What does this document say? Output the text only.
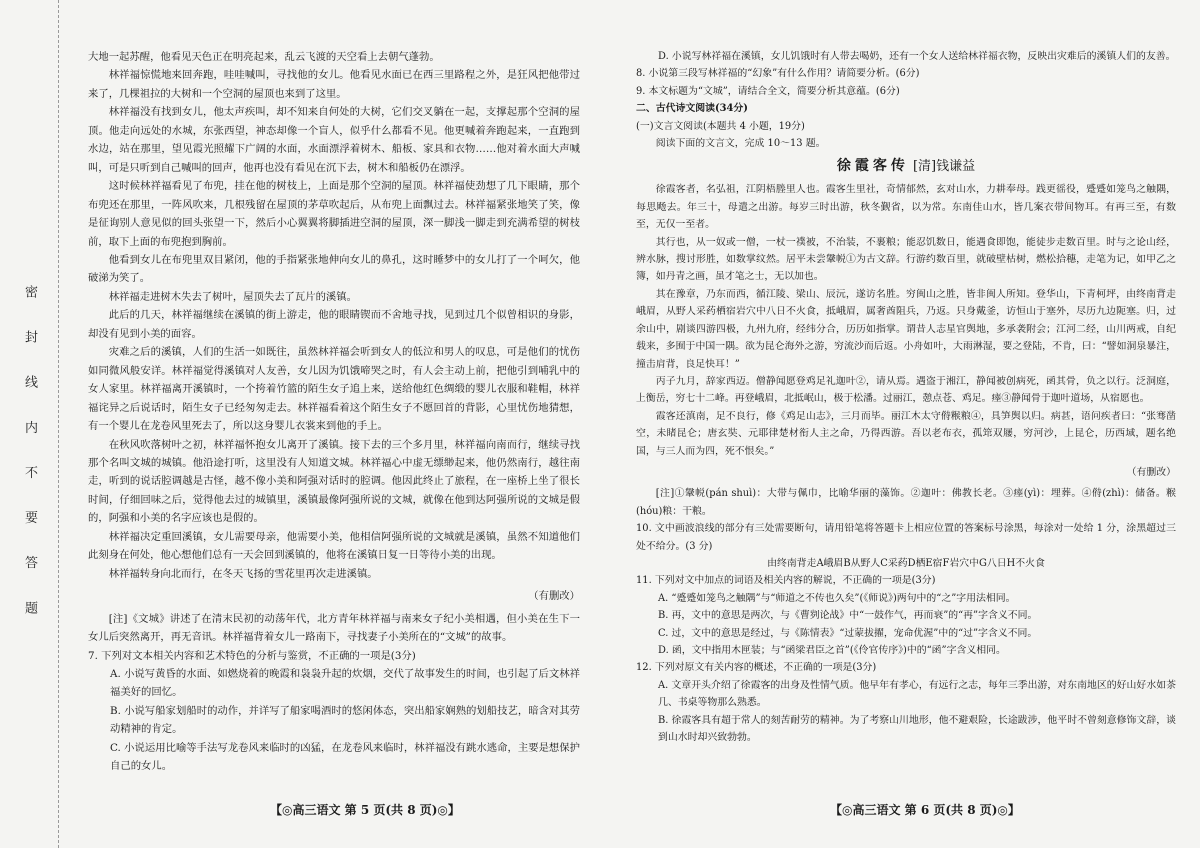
密 封 线 内 不 要 答 题

大地一起苏醒，他看见天色正在明亮起来，乱云飞渡的天空看上去朝气蓬勃。

林祥福惊慌地来回奔跑，哇哇喊叫，寻找他的女儿。他看见水面已在西三里路程之外，是狂风把他带过来了，几棵祖拉的大树和一个空洞的屋顶也来到了这里。

林祥福没有找到女儿，他太声疾叫，却不知来自何处的大树，它们交叉躺在一起，支撑起那个空洞的屋顶。他走向远处的水城，东张西望，神态却像一个盲人，似乎什么都看不见。他更喊着奔跑起来，一直跑到水边，站在那里，望见霞光照耀下广阔的水面，水面漂浮着树木、船板、家具和衣物……他对着水面大声喊叫，可是只听到自己喊叫的回声，他再也没有看见在沉下去，树木和船板仍在漂浮。

这时候林祥福看见了布兜，挂在他的树枝上，上面是那个空洞的屋顶。林祥福使劲想了几下眼睛，那个布兜还在那里，一阵风吹来，几根残留在屋顶的茅草吹起后，从布兜上面飘过去。林祥福紧张地笑了笑，像是征询别人意见似的回头张望一下，然后小心翼翼将脚插进空洞的屋顶，深一脚浅一脚走到充满希望的树枝前，取下上面的布兜抱到胸前。

他看到女儿在布兜里双目紧闭，他的手指紧张地伸向女儿的鼻孔，这时睡梦中的女儿打了一个呵欠，他破涕为笑了。

林祥福走进树木失去了树叶，屋顶失去了瓦片的溪镇。

此后的几天，林祥福继续在溪镇的街上游走，他的眼睛锲而不舍地寻找，见到过几个似曾相识的身影，却没有见到小美的面容。

灾难之后的溪镇，人们的生活一如既往，虽然林祥福会听到女人的低泣和男人的叹息，可是他们的忧伤如同微风般安详。林祥福觉得溪镇对人友善，女儿因为饥饿啼哭之时，有人会主动上前，把他引到哺乳中的女人家里。林祥福离开溪镇时，一个挎着竹篮的陌生女子追上来，送给他红色绸缎的婴儿衣服和鞋帽，林祥福诧异之后说话时，陌生女子已经匆匆走去。林祥福看着这个陌生女子不愿回首的背影，心里忧伤地猜想，有一个婴儿在龙卷风里死去了，所以这身婴儿衣裳来到他的手上。

在秋风吹落树叶之初，林祥福怀抱女儿离开了溪镇。接下去的三个多月里，林祥福向南而行，继续寻找那个名叫文城的城镇。他沿途打听，这里没有人知道文城。林祥福心中虚无缥缈起来，他仍然南行，越往南走，听到的说话腔调越是古怪，越不像小美和阿强对话时的腔调。他因此终止了旅程，在一座桥上坐了很长时间，仔细回味之后，觉得他去过的城镇里，溪镇最像阿强所说的文城，就像在他到达阿强所说的文城是假的，阿强和小美的名字应该也是假的。

林祥福决定重回溪镇，女儿需要母亲，他需要小美，他相信阿强所说的文城就是溪镇，虽然不知道他们此刻身在何处，他心想他们总有一天会回到溪镇的，他将在溪镇日复一日等待小美的出现。

林祥福转身向北而行，在冬天飞扬的雪花里再次走进溪镇。

（有删改）

[注]《文城》讲述了在清末民初的动荡年代，北方青年林祥福与南来女子纪小美相遇，但小美在生下一女儿后突然离开，再无音讯。林祥福背着女儿一路南下，寻找妻子小美所在的“文城”的故事。

7. 下列对文本相关内容和艺术特色的分析与鉴赏，不正确的一项是(3分)

A. 小说写黄昏的水面、如燃烧着的晚霞和袅袅升起的炊烟，交代了故事发生的时间，也引起了后文林祥福美好的回忆。

B. 小说写船家划船时的动作，并详写了船家喝酒时的悠闲体态，突出船家娴熟的划船技艺，暗含对其劳动精神的肯定。

C. 小说运用比喻等手法写龙卷风来临时的凶猛，在龙卷风来临时，林祥福没有跳水逃命，主要是想保护自己的女儿。

【◎高三语文 第 5 页(共 8 页)◎】

D. 小说写林祥福在溪镇，女儿饥饿时有人带去喝奶，还有一个女人送给林祥福衣物，反映出灾难后的溪镇人们的友善。

8. 小说第三段写林祥福的“幻象”有什么作用？请简要分析。(6分)

9. 本文标题为“文城”，请结合全文，简要分析其意蕴。(6分)

二、古代诗文阅读(34分)

(一)文言文阅读(本题共 4 小题，19分)

阅读下面的文言文，完成 10～13 题。

徐霞客传 [清]钱谦益

徐霞客者，名弘祖，江阴梧塍里人也。霞客生里社，奇情郁然，玄对山水，力耕奉母。践更徭役，蹙蹙如笼鸟之触隅，每思飏去。年三十，母遣之出游。每岁三时出游，秋冬觐省，以为常。东南佳山水，皆几案衣带间物耳。有再三至，有数至，无仅一至者。

其行也，从一奴或一僧，一杖一襆被，不治装，不裹粮；能忍饥数日，能遇食即饱，能徒步走数百里。时与之论山经，辨水脉，搜讨形胜，如数掌纹然。居平未尝鞶帨①为古文辞。行游约数百里，就破壁枯树，燃松拾穗，走笔为记，如甲乙之簿，如丹青之画，虽才笔之士，无以加也。

其在豫章，乃东而西，循江陵、梁山、辰沅，遂访名胜。穷闽山之胜，皆非闽人所知。登华山，下青柯坪，由终南背走峨眉，从野人采药栖宿岩穴中八日不火食，抵峨眉，属奢酋阻兵，乃返。只身戴釜，访恒山于塞外，尽历九边阨塞。归，过余山中，剧谈四游四极，九州九府，经纬分合，历历如指掌。谓昔人志星官舆地，多承袭附会；江河二经，山川两戒，自纪载来，多囿于中国一隅。欲为昆仑海外之游，穷流沙而后返。小舟如叶，大雨淋湿，要之登陆，不肯，曰：“譬如洞泉暴注，撞击肩背，良足快耳！”

丙子九月，辞家西迈。僧静闻愿登鸡足礼迦叶②，请从焉。遇盗于湘江，静闻被创病死，函其骨，负之以行。泛洞庭，上衡岳，穷七十二峰。再登峨眉，北抵岷山，极于松潘。过丽江，憩点苍、鸡足。瘗③静闻骨于迦叶道场，从宿愿也。

霞客还滇南，足不良行，修《鸡足山志》，三月而毕。丽江木太守偫糇粮④，具笋舆以归。病甚，语问疾者曰：“张骞凿空，未睹昆仑；唐玄奘、元耶律楚材衔人主之命，乃得西游。吾以老布衣，孤筇双屦，穷河沙，上昆仑，历西域，题名绝国，与三人而为四，死不恨矣。”

（有删改）

[注]①鞶帨(pán shuì)：大带与佩巾，比喻华丽的藻饰。②迦叶：佛教长老。③瘗(yì)：埋葬。④偫(zhì)：储备。糇(hóu)粮：干粮。

10. 文中画波浪线的部分有三处需要断句，请用铅笔将答题卡上相应位置的答案标号涂黑，每涂对一处给 1 分，涂黑超过三处不给分。(3 分)

由终南背走A峨眉B从野人C采药D栖E宿F岩穴中G八日H不火食

11. 下列对文中加点的词语及相关内容的解说，不正确的一项是(3分)

A. “蹙蹙如笼鸟之触隅”与“师道之不传也久矣”(《师说》)两句中的“之”字用法相同。

B. 再，文中的意思是两次，与《曹刿论战》中“一鼓作气，再而衰”的“再”字含义不同。

C. 过，文中的意思是经过，与《陈情表》“过蒙拔擢，宠命优渥”中的“过”字含义不同。

D. 函，文中指用木匣装；与“函梁君臣之首”(《伶官传序》)中的“函”字含义相同。

12. 下列对原文有关内容的概述，不正确的一项是(3分)

A. 文章开头介绍了徐霞客的出身及性情气质。他早年有孝心，有远行之志，每年三季出游，对东南地区的好山好水如茶几、书桌等物那么熟悉。

B. 徐霞客具有超于常人的刻苦耐劳的精神。为了考察山川地形，他不避艰险，长途跋涉，他平时不曾刻意修饰文辞，谈到山水时却兴致勃勃。

【◎高三语文 第 6 页(共 8 页)◎】
